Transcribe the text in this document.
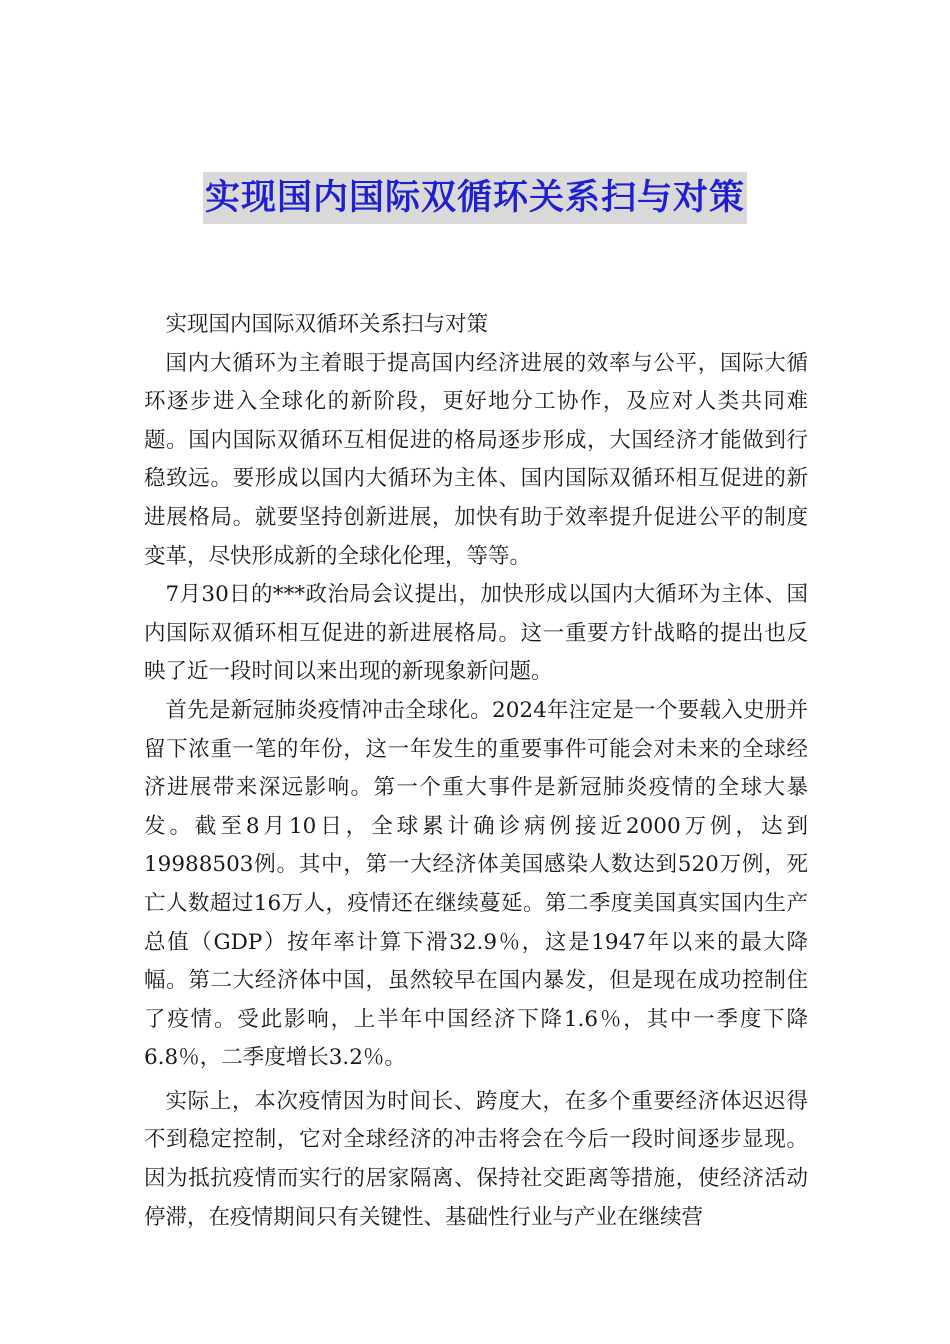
实现国内国际双循环关系扫与对策

实现国内国际双循环关系扫与对策

国内大循环为主着眼于提高国内经济进展的效率与公平，国际大循环逐步进入全球化的新阶段，更好地分工协作，及应对人类共同难题。国内国际双循环互相促进的格局逐步形成，大国经济才能做到行稳致远。要形成以国内大循环为主体、国内国际双循环相互促进的新进展格局。就要坚持创新进展，加快有助于效率提升促进公平的制度变革，尽快形成新的全球化伦理，等等。

7月30日的***政治局会议提出，加快形成以国内大循环为主体、国内国际双循环相互促进的新进展格局。这一重要方针战略的提出也反映了近一段时间以来出现的新现象新问题。

首先是新冠肺炎疫情冲击全球化。2024年注定是一个要载入史册并留下浓重一笔的年份，这一年发生的重要事件可能会对未来的全球经济进展带来深远影响。第一个重大事件是新冠肺炎疫情的全球大暴发。截至8月10日，全球累计确诊病例接近2000万例，达到19988503例。其中，第一大经济体美国感染人数达到520万例，死亡人数超过16万人，疫情还在继续蔓延。第二季度美国真实国内生产总值（GDP）按年率计算下滑32.9％，这是1947年以来的最大降幅。第二大经济体中国，虽然较早在国内暴发，但是现在成功控制住了疫情。受此影响，上半年中国经济下降1.6％，其中一季度下降6.8％，二季度增长3.2％。

实际上，本次疫情因为时间长、跨度大，在多个重要经济体迟迟得不到稳定控制，它对全球经济的冲击将会在今后一段时间逐步显现。因为抵抗疫情而实行的居家隔离、保持社交距离等措施，使经济活动停滞，在疫情期间只有关键性、基础性行业与产业在继续营
